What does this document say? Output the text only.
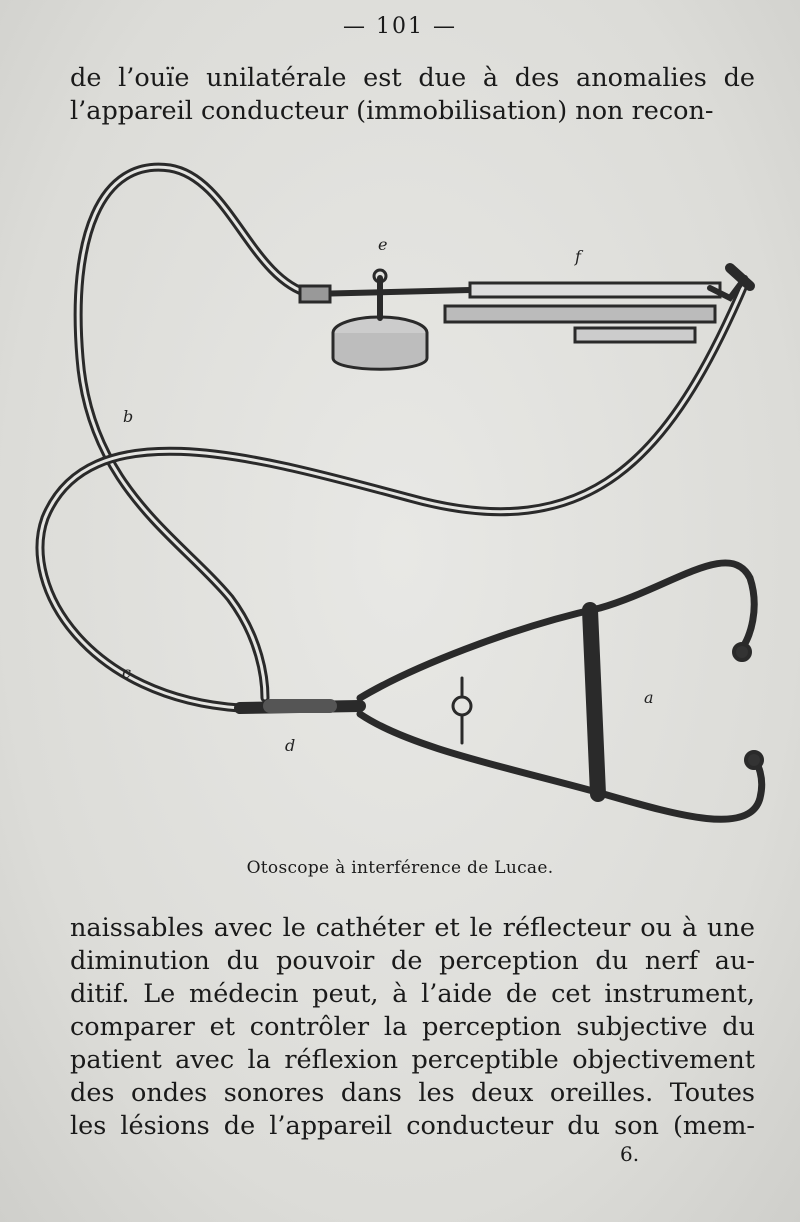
— 101 —
de l’ouïe unilatérale est due à des anomalies de
l’appareil conducteur (immobilisation) non recon-
e
f
b
c
d
a
Otoscope à interférence de Lucae.
naissables avec le cathéter et le réflecteur ou à une
diminution du pouvoir de perception du nerf au-
ditif. Le médecin peut, à l’aide de cet instrument,
comparer et contrôler la perception subjective du
patient avec la réflexion perceptible objectivement
des ondes sonores dans les deux oreilles. Toutes
les lésions de l’appareil conducteur du son (mem-
6.
